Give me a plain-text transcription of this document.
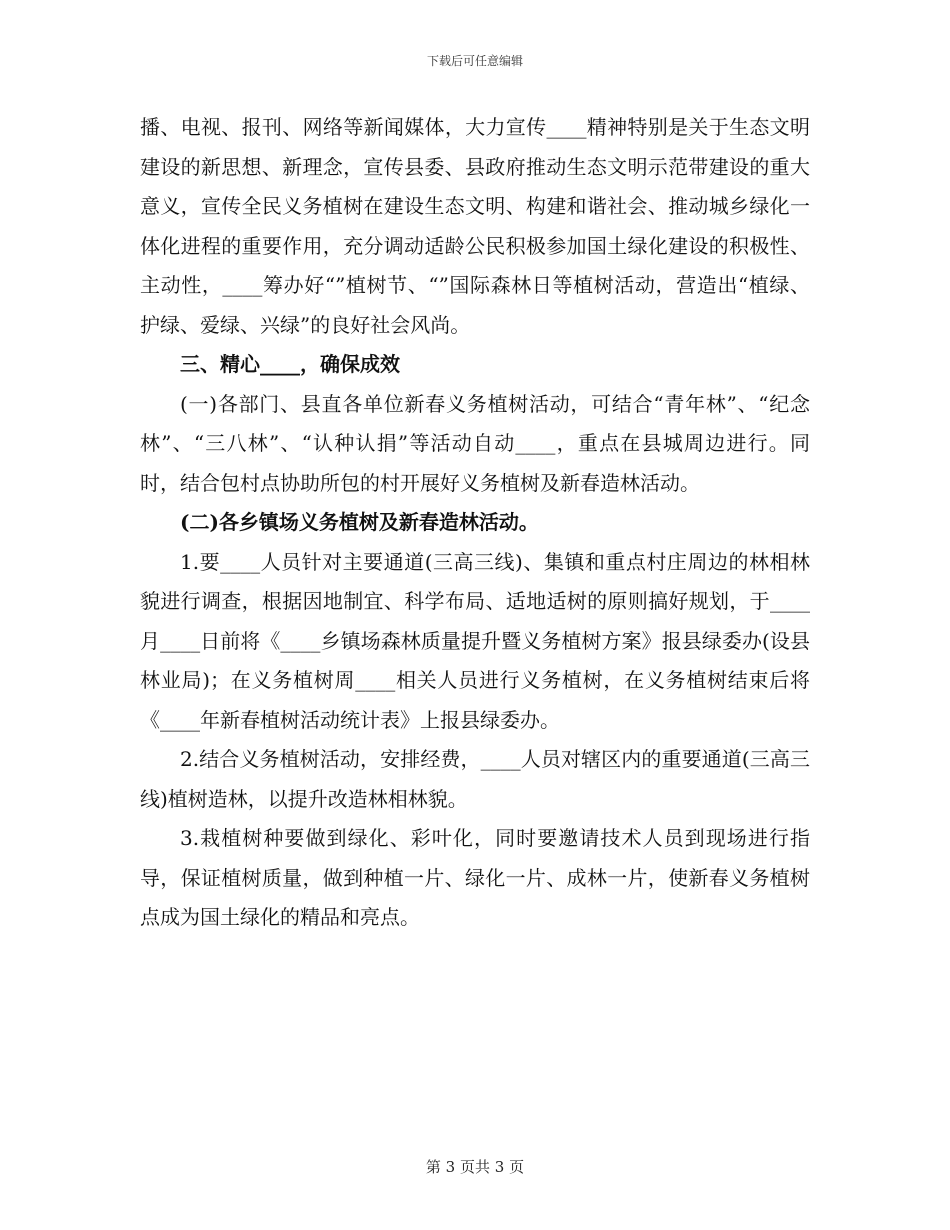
下载后可任意编辑

播、电视、报刊、网络等新闻媒体，大力宣传____精神特别是关于生态文明建设的新思想、新理念，宣传县委、县政府推动生态文明示范带建设的重大意义，宣传全民义务植树在建设生态文明、构建和谐社会、推动城乡绿化一体化进程的重要作用，充分调动适龄公民积极参加国土绿化建设的积极性、主动性，____筹办好“”植树节、“”国际森林日等植树活动，营造出“植绿、护绿、爱绿、兴绿”的良好社会风尚。

三、精心____，确保成效

(一)各部门、县直各单位新春义务植树活动，可结合“青年林”、“纪念林”、“三八林”、“认种认捐”等活动自动____，重点在县城周边进行。同时，结合包村点协助所包的村开展好义务植树及新春造林活动。

(二)各乡镇场义务植树及新春造林活动。

1.要____人员针对主要通道(三高三线)、集镇和重点村庄周边的林相林貌进行调查，根据因地制宜、科学布局、适地适树的原则搞好规划，于____月____日前将《____乡镇场森林质量提升暨义务植树方案》报县绿委办(设县林业局)；在义务植树周____相关人员进行义务植树，在义务植树结束后将《____年新春植树活动统计表》上报县绿委办。

2.结合义务植树活动，安排经费，____人员对辖区内的重要通道(三高三线)植树造林，以提升改造林相林貌。

3.栽植树种要做到绿化、彩叶化，同时要邀请技术人员到现场进行指导，保证植树质量，做到种植一片、绿化一片、成林一片，使新春义务植树点成为国土绿化的精品和亮点。

第 3 页共 3 页
